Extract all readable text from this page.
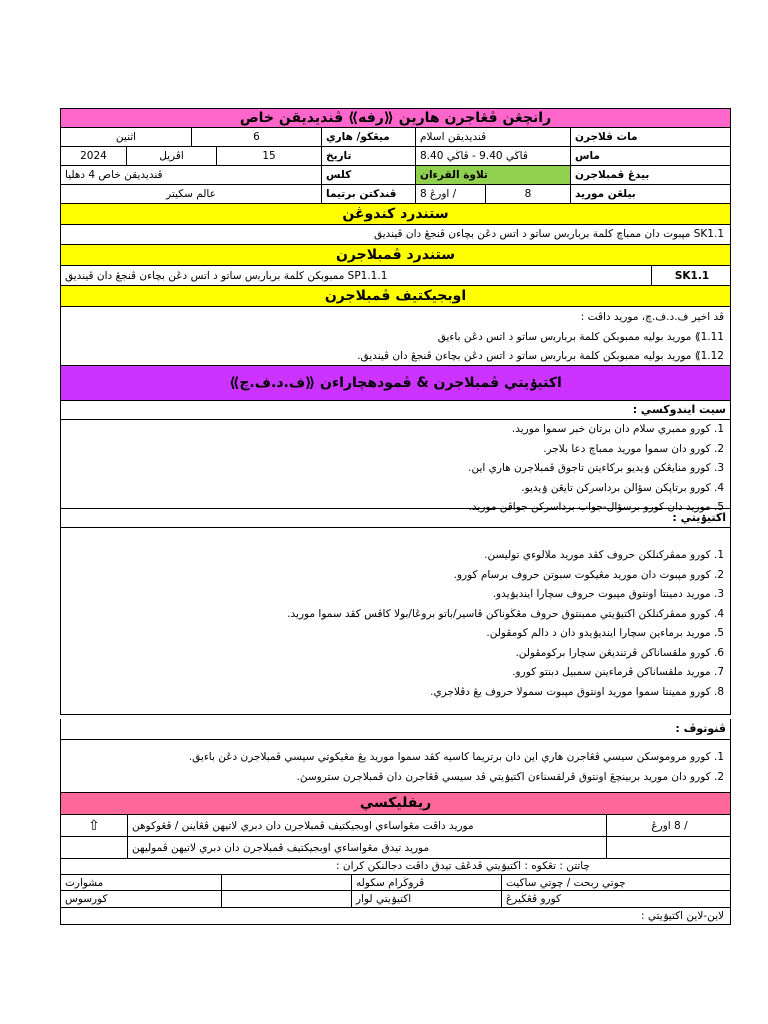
رانچڠن ڤڠاجرن هارين ⟪رفه⟫ ڤنديديقن خاص
اثنين	6	ميڠڬو/ هاري	ڤنديديقن اسلام	مات ڤلاجرن
2024	اڤريل	15	تاريخ	ڤاڬي 9.40 - ڤاڬي 8.40	ماس
ڤنديديقن خاص 4 دهليا	كلس	تلاوة القرءان	بيدڠ ڤمبلاجرن
عالم سکيتر	ڤندكتن برتيما	/ اورڠ 8	8	بيلڠن موريد
ستندرد کندوڠن
SK1.1 مپبوت دان ممباچ کلمة بربارﺑس ساتو د اتس دڠن بچاءن ڤنجڠ دان ڤينديق
ستندرد ڤمبلاجرن
SP1.1.1 ممبوبکن کلمة بربارﺑس ساتو د اتس دڠن بچاءن ڤنجڠ دان ڤينديق	SK1.1
اوبجيکتيف ڤمبلاجرن
ڤد اخير ف.د.ف.چ، موريد داڤت :
1.11⟫ موريد بوليه ممبوبکن کلمة بربارﺑس ساتو د اتس دڠن باءيق
1.12⟫ موريد بوليه ممبوبکن کلمة بربارﺑس ساتو د اتس دڠن بچاءن ڤنجڠ دان ڤينديق.
اکتيۏيتي ڤمبلاجرن & ڤمودهچاراءن ⟪ف.د.ف.چ⟫
سيت ايندوکسي :
1. کورو ممبري سلام دان برتان خبر سموا موريد.
2. کورو دان سموا موريد ممباچ دعا بلاجر.
3. کورو منايڠکن ۏيديو برکاءيتن تاجوق ڤمبلاجرن هاري اين.
4. کورو برتاڽکن سؤالن برداسرکن تايڠن ۏيديو.
5. موريد دان کورو برسؤال-جواب برداسرکن جواڤن موريد.
اکتيۏيتي :
1. کورو ممڤرکنلکن حروف کڤد موريد ملالوءي توليسن.
2. کورو مپبوت دان موريد مڠيکوت سبوتن حروف برسام کورو.
3. موريد دمينتا اونتوق مپبوت حروف سچارا اينديۏيدو.
4. کورو ممڤرکنلکن اکتيۏيتي ممبنتوق حروف مڠڬوناکن ڤاسير/باتو بروڠا/بولا کاڤس کڤد سموا موريد.
5. موريد برماءين سچارا اينديۏيدو دان د دالم کومڤولن.
6. کورو ملقساناکن ڤرتنديڠن سچارا برکومڤولن.
7. موريد ملقساناکن ڤرماءينن سمبيل دبنتو کورو.
8. کورو ممينتا سموا موريد اونتوق مپبوت سمولا حروف يڠ دڤلاجري.
ڤنوتوڤ :
1. کورو مروموسکن سيسي ڤڠاجرن هاري اين دان برتريما کاسيه کڤد سموا موريد يڠ مڠيکوتي سيسي ڤمبلاجرن دڠن باءيق.
2. کورو دان موريد بربينچڠ اونتوق ڤرلقسناءن اکتيۏيتي ڤد سيسي ڤڠاجرن دان ڤمبلاجرن ستروسڽ.
ريفليکسي
⇧	موريد داڤت مڠواساءي اوبجيکتيف ڤمبلاجرن دان دبري لاتيهن ڤڠاينن / ڤڠوکوهن	/ 8 اورڠ
موريد تيدق مڠواساءي اوبجيکتيف ڤمبلاجرن دان دبري لاتيهن ڤموليهن
چاتتن : تڠکوه : اکتيۏيتي ڤدڠڤ تيدق داڤت دجالنکن کران :
مشوارت	ڤروڬرام سکوله	چوتي ربحت / چوتي ساکيت
کورسوس	اکتيۏيتي لوار	کورو ڤڠڬيرڠ
لاين-لاين اکتيۏيتي :
